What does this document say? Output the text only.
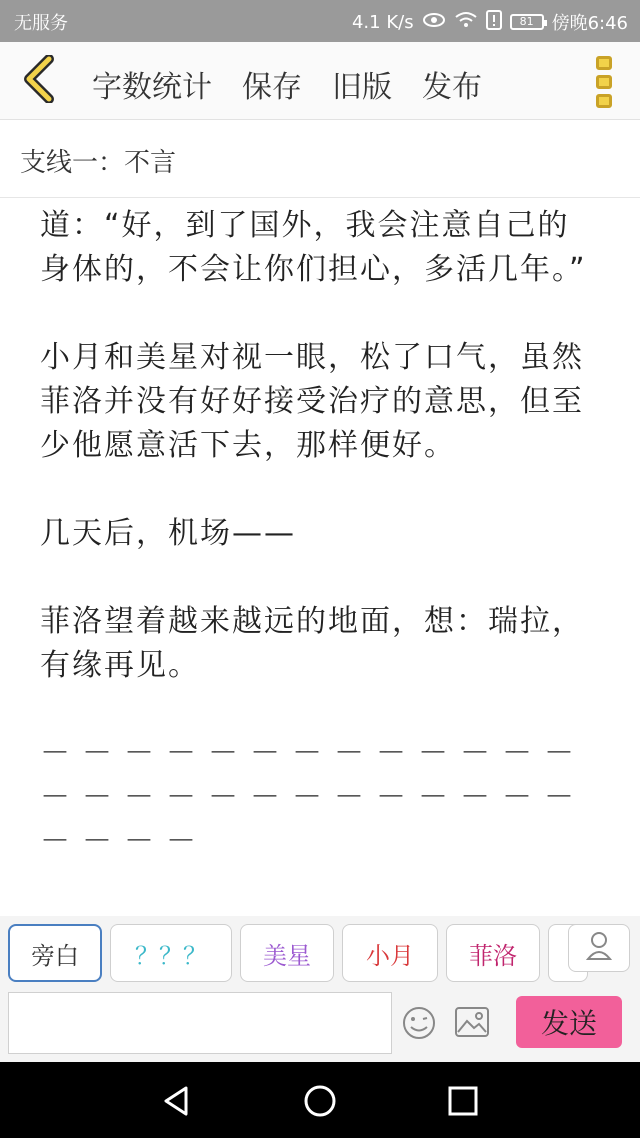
无服务	4.1 K/s	81	傍晚6:46
字数统计 保存 旧版 发布
支线一：不言

道：“好，到了国外，我会注意自己的身体的，不会让你们担心，多活几年。”

小月和美星对视一眼，松了口气，虽然菲洛并没有好好接受治疗的意思，但至少他愿意活下去，那样便好。

几天后，机场——

菲洛望着越来越远的地面，想：瑞拉，有缘再见。

－－－－－－－－－－－－－－－－－－－－－－－－－－－－－－

旁白 ？？？ 美星 小月 菲洛
发送
